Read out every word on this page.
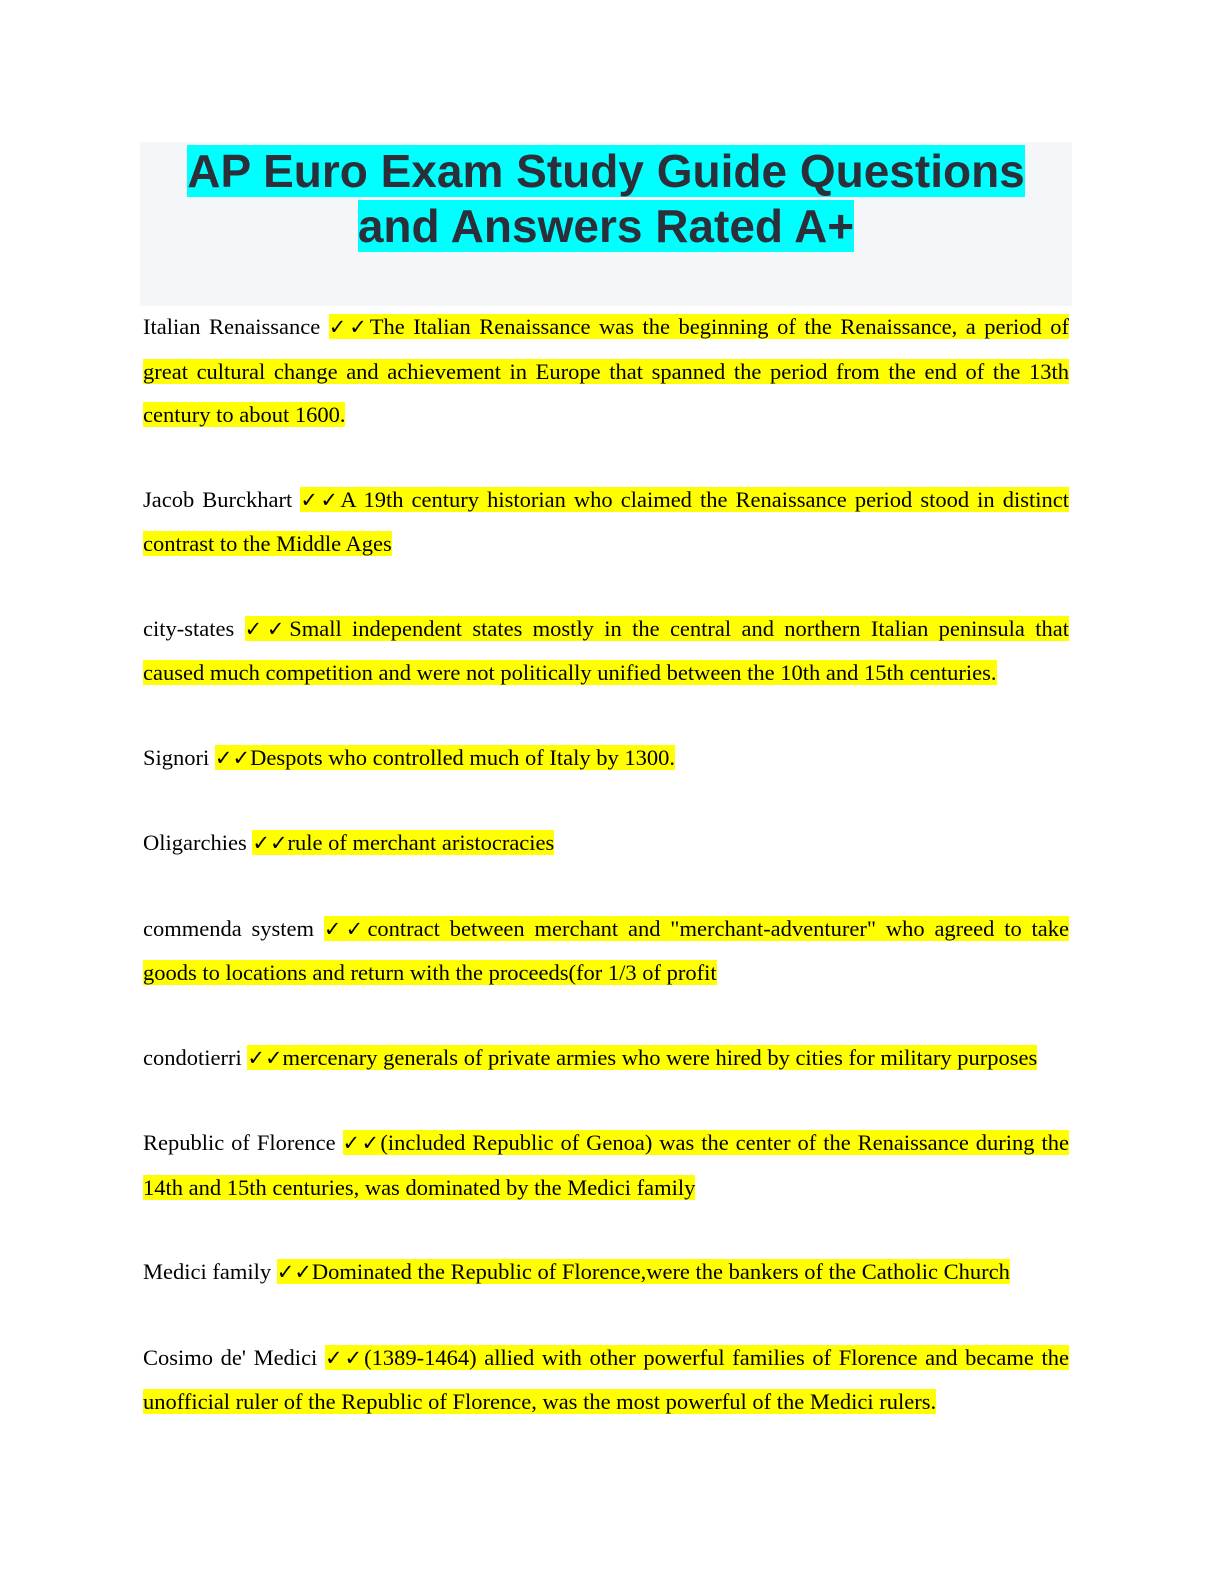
AP Euro Exam Study Guide Questions
and Answers Rated A+

Italian Renaissance ✓✓The Italian Renaissance was the beginning of the Renaissance, a period of great cultural change and achievement in Europe that spanned the period from the end of the 13th century to about 1600.

Jacob Burckhart ✓✓A 19th century historian who claimed the Renaissance period stood in distinct contrast to the Middle Ages

city-states ✓✓Small independent states mostly in the central and northern Italian peninsula that caused much competition and were not politically unified between the 10th and 15th centuries.

Signori ✓✓Despots who controlled much of Italy by 1300.

Oligarchies ✓✓rule of merchant aristocracies

commenda system ✓✓contract between merchant and "merchant-adventurer" who agreed to take goods to locations and return with the proceeds(for 1/3 of profit

condotierri ✓✓mercenary generals of private armies who were hired by cities for military purposes

Republic of Florence ✓✓(included Republic of Genoa) was the center of the Renaissance during the 14th and 15th centuries, was dominated by the Medici family

Medici family ✓✓Dominated the Republic of Florence,were the bankers of the Catholic Church

Cosimo de' Medici ✓✓(1389-1464) allied with other powerful families of Florence and became the unofficial ruler of the Republic of Florence, was the most powerful of the Medici rulers.
